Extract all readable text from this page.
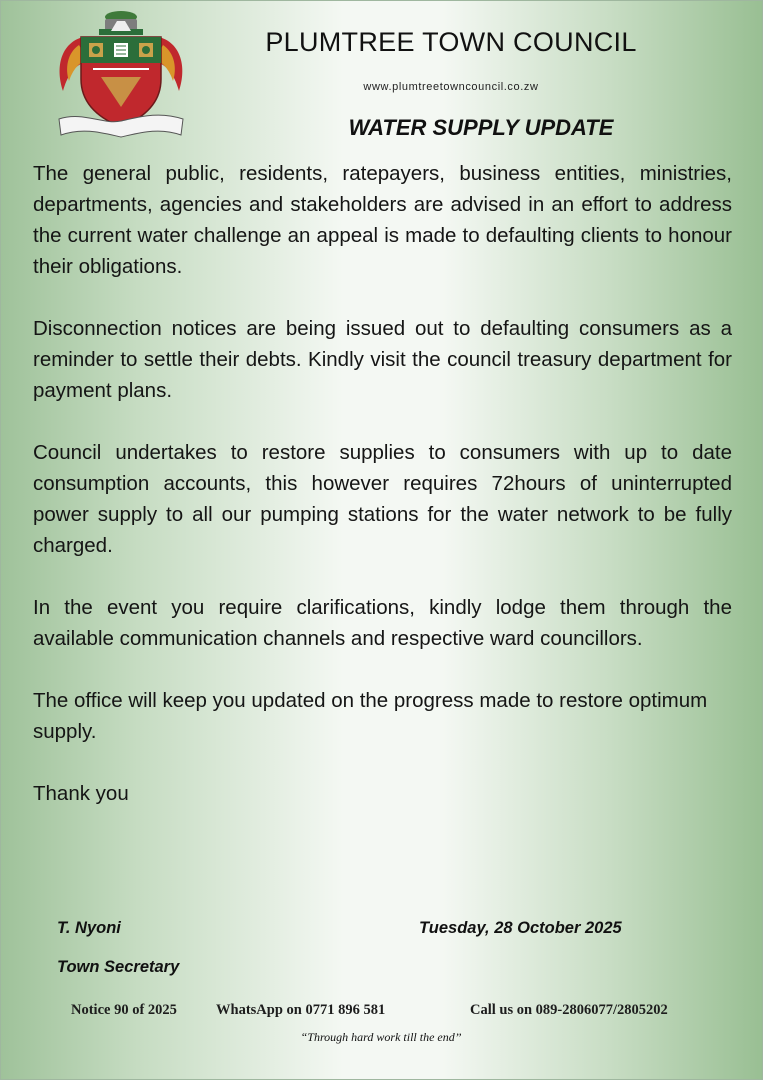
PLUMTREE TOWN COUNCIL
www.plumtreetowncouncil.co.zw
WATER SUPPLY UPDATE

The general public, residents, ratepayers, business entities, ministries, departments, agencies and stakeholders are advised in an effort to address the current water challenge an appeal is made to defaulting clients to honour their obligations.

Disconnection notices are being issued out to defaulting consumers as a reminder to settle their debts. Kindly visit the council treasury department for payment plans.

Council undertakes to restore supplies to consumers with up to date consumption accounts, this however requires 72hours of uninterrupted power supply to all our pumping stations for the water network to be fully charged.

In the event you require clarifications, kindly lodge them through the available communication channels and respective ward councillors.

The office will keep you updated on the progress made to restore optimum supply.

Thank you

T. Nyoni
Town Secretary
Tuesday, 28 October 2025
Notice 90 of 2025	WhatsApp on 0771 896 581	Call us on 089-2806077/2805202
“Through hard work till the end’’
